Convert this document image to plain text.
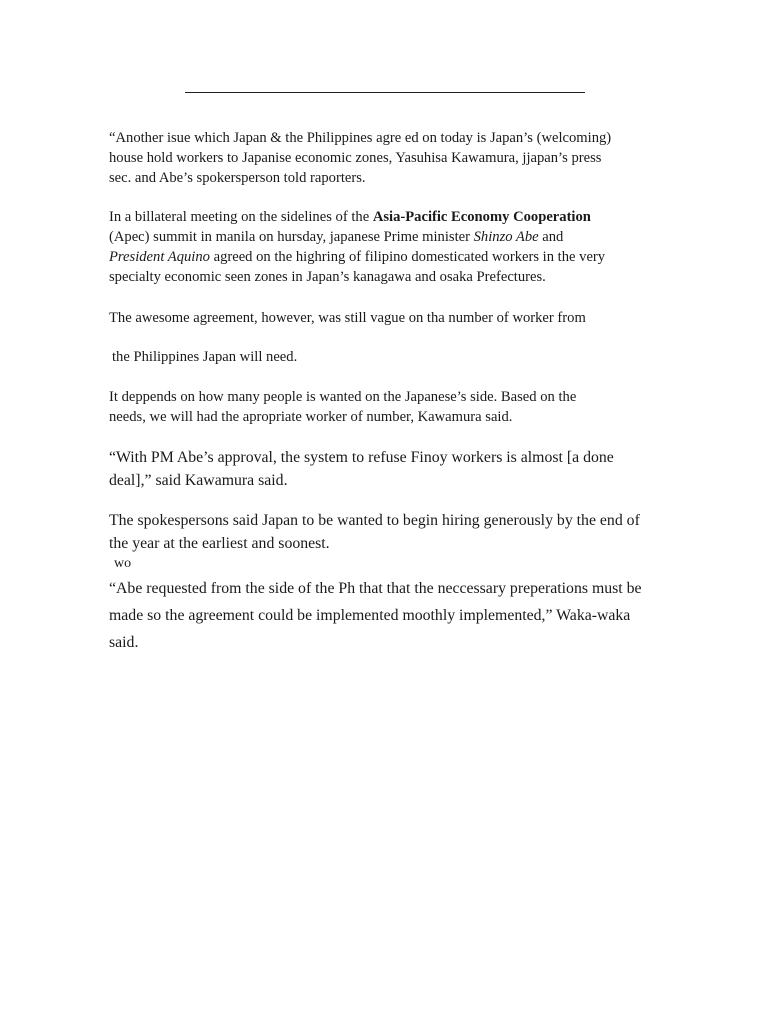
“Another isue which Japan & the Philippines agre ed on today is Japan’s (welcoming)
house hold workers to Japanise economic zones, Yasuhisa Kawamura, jjapan’s press
sec. and Abe’s spokersperson told raporters.
In a billateral meeting on the sidelines of the Asia-Pacific Economy Cooperation
(Apec) summit in manila on hursday, japanese Prime minister Shinzo Abe and
President Aquino agreed on the highring of filipino domesticated workers in the very
specialty economic seen zones in Japan’s kanagawa and osaka Prefectures.
The awesome agreement, however, was still vague on tha number of worker from
the Philippines Japan will need.
It deppends on how many people is wanted on the Japanese’s side. Based on the
needs, we will had the apropriate worker of number, Kawamura said.
“With PM Abe’s approval, the system to refuse Finoy workers is almost [a done
deal],” said Kawamura said.
The spokespersons said Japan to be wanted to begin hiring generously by the end of
the year at the earliest and soonest.
wo
“Abe requested from the side of the Ph that that the neccessary preperations must be
made so the agreement could be implemented moothly implemented,” Waka-waka
said.
